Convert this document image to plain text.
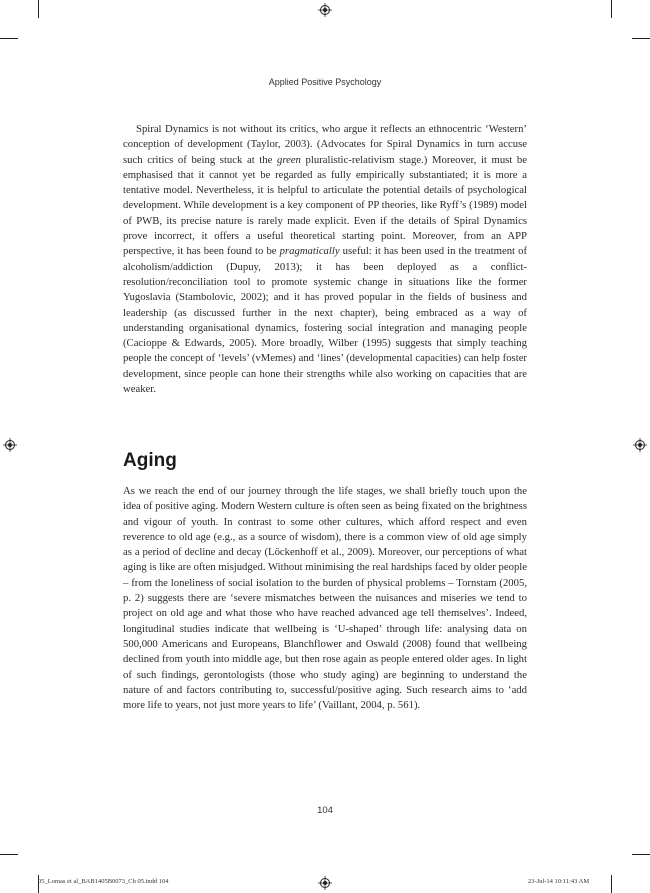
Applied Positive Psychology

Spiral Dynamics is not without its critics, who argue it reflects an ethnocentric ‘Western’ conception of development (Taylor, 2003). (Advocates for Spiral Dynamics in turn accuse such critics of being stuck at the green pluralistic-relativism stage.) Moreover, it must be emphasised that it cannot yet be regarded as fully empirically substantiated; it is more a tentative model. Nevertheless, it is helpful to articulate the potential details of psychological development. While development is a key component of PP theories, like Ryff’s (1989) model of PWB, its precise nature is rarely made explicit. Even if the details of Spiral Dynamics prove incorrect, it offers a useful theoretical starting point. Moreover, from an APP perspective, it has been found to be pragmatically useful: it has been used in the treatment of alcoholism/addiction (Dupuy, 2013); it has been deployed as a conflict-resolution/reconciliation tool to promote systemic change in situations like the former Yugoslavia (Stambolovic, 2002); and it has proved popular in the fields of business and leadership (as discussed further in the next chapter), being embraced as a way of understanding organisational dynamics, fostering social integration and managing people (Cacioppe & Edwards, 2005). More broadly, Wilber (1995) suggests that simply teaching people the concept of ‘levels’ (vMemes) and ‘lines’ (developmental capacities) can help foster development, since people can hone their strengths while also working on capacities that are weaker.

Aging

As we reach the end of our journey through the life stages, we shall briefly touch upon the idea of positive aging. Modern Western culture is often seen as being fixated on the brightness and vigour of youth. In contrast to some other cultures, which afford respect and even reverence to old age (e.g., as a source of wisdom), there is a common view of old age simply as a period of decline and decay (Löckenhoff et al., 2009). Moreover, our perceptions of what aging is like are often misjudged. Without minimising the real hardships faced by older people – from the loneliness of social isolation to the burden of physical problems – Tornstam (2005, p. 2) suggests there are ‘severe mismatches between the nuisances and miseries we tend to project on old age and what those who have reached advanced age tell themselves’. Indeed, longitudinal studies indicate that wellbeing is ‘U-shaped’ through life: analysing data on 500,000 Americans and Europeans, Blanchflower and Oswald (2008) found that wellbeing declined from youth into middle age, but then rose again as people entered older ages. In light of such findings, gerontologists (those who study aging) are beginning to understand the nature of and factors contributing to, successful/positive aging. Such research aims to ‘add more life to years, not just more years to life’ (Vaillant, 2004, p. 561).

104
05_Lomas et al_BAB1405B0073_Ch 05.indd 104	23-Jul-14 10:11:43 AM
